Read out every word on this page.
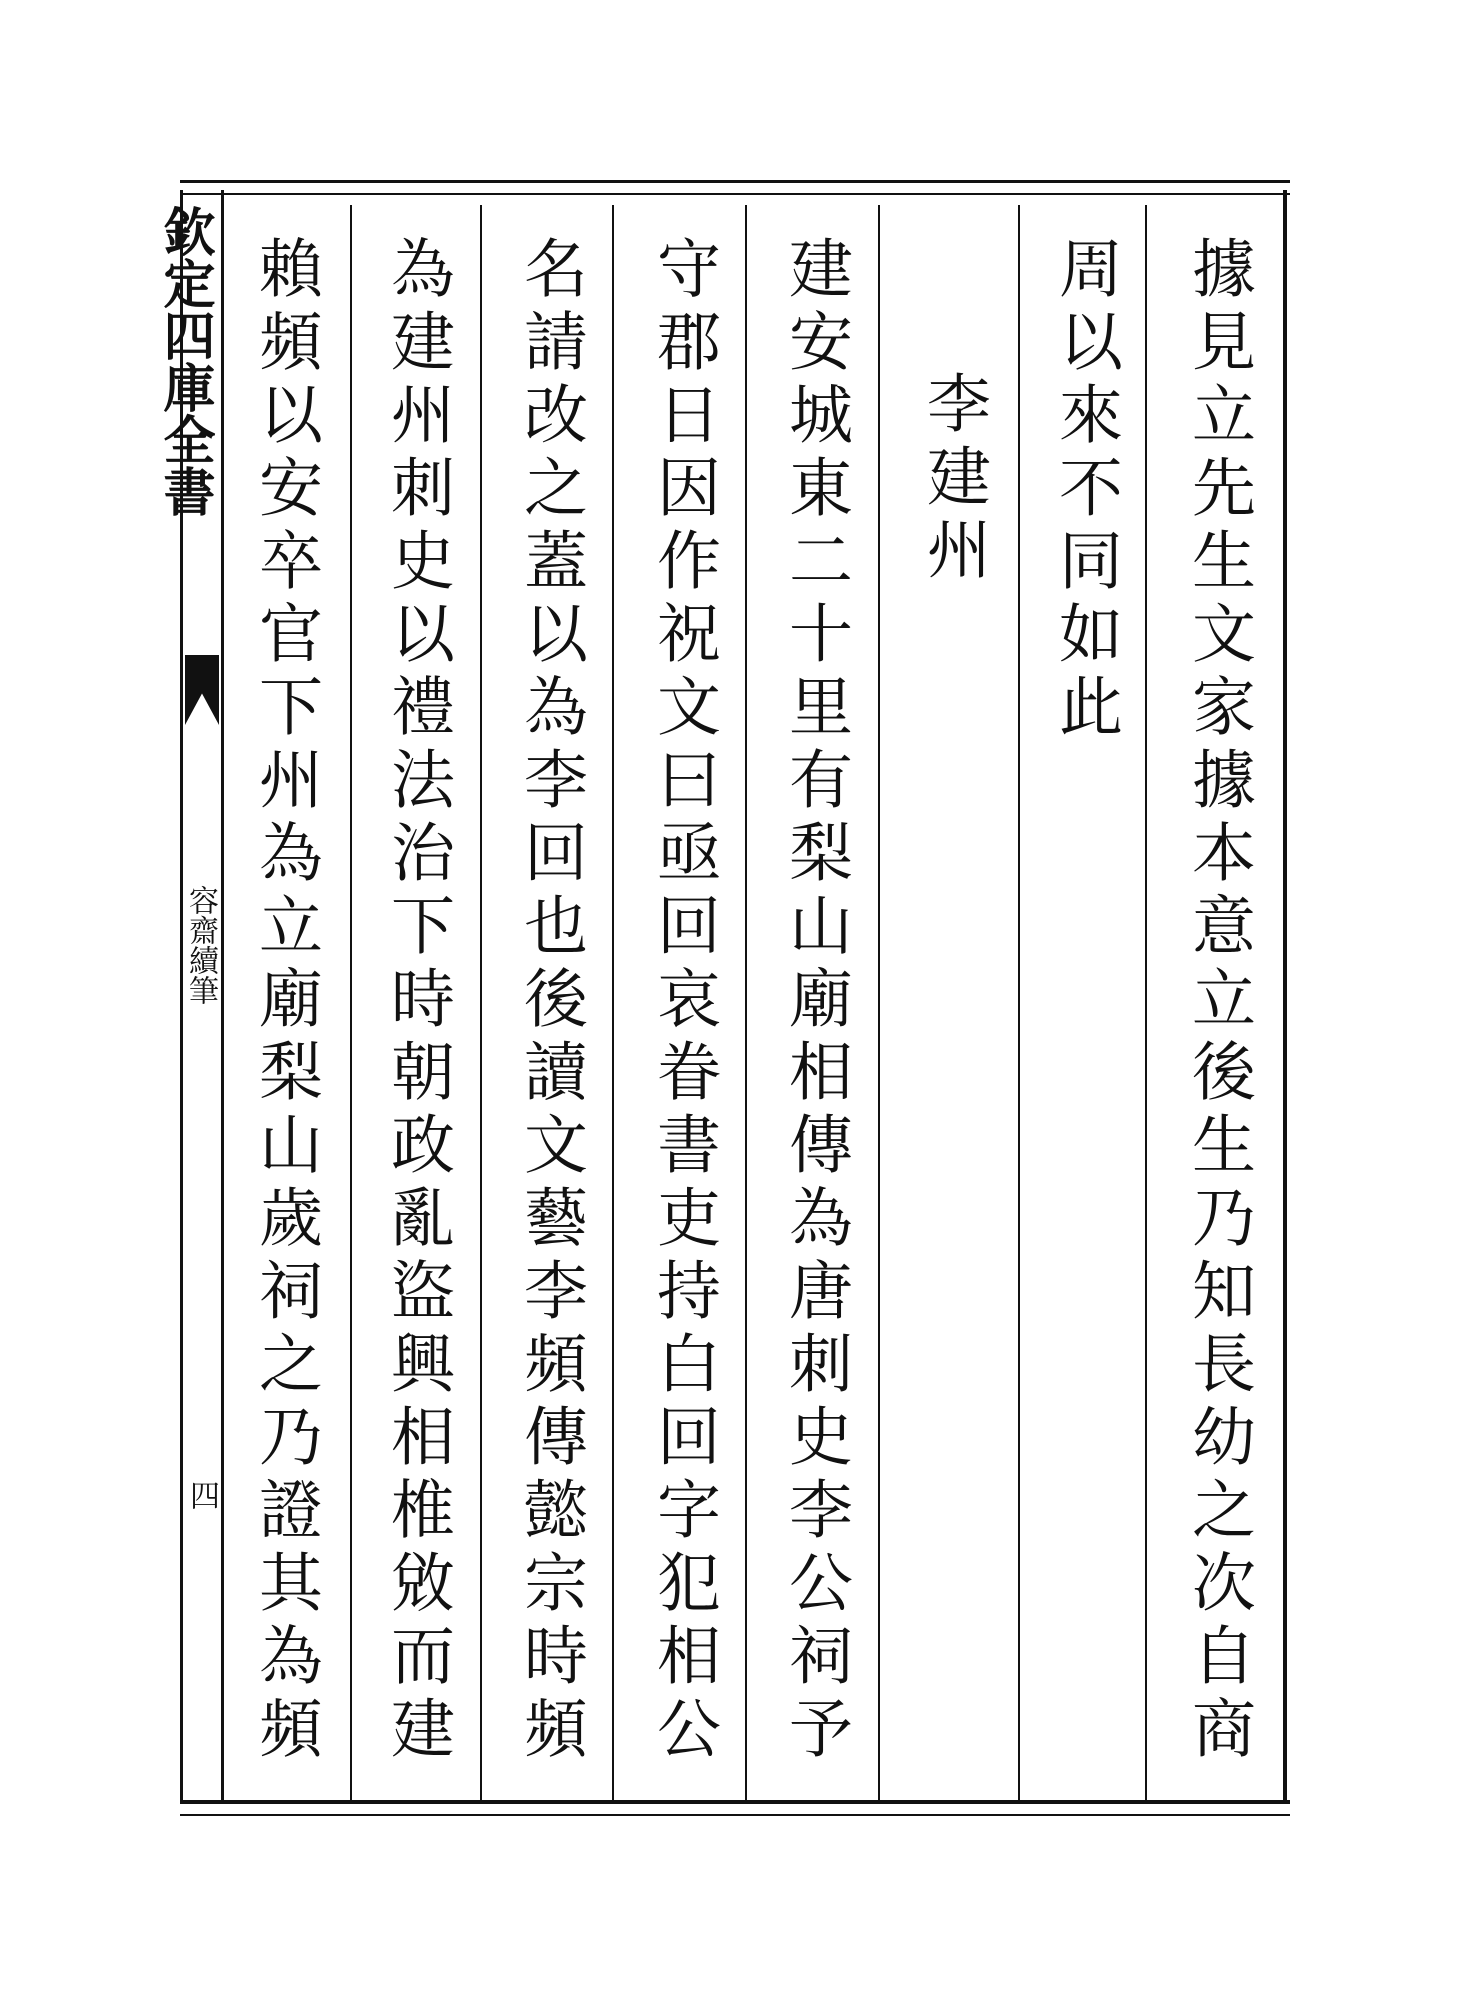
欽定四庫全書
容齋續筆
四	據見立先生文家據本意立後生乃知長幼之次自商
周以來不同如此
李建州
建安城東二十里有梨山廟相傳為唐刺史李公祠予
守郡日因作祝文曰亟回哀眷書吏持白回字犯相公
名請改之蓋以為李回也後讀文藝李頻傳懿宗時頻
為建州刺史以禮法治下時朝政亂盜興相椎敓而建
賴頻以安卒官下州為立廟梨山歲祠之乃證其為頻
